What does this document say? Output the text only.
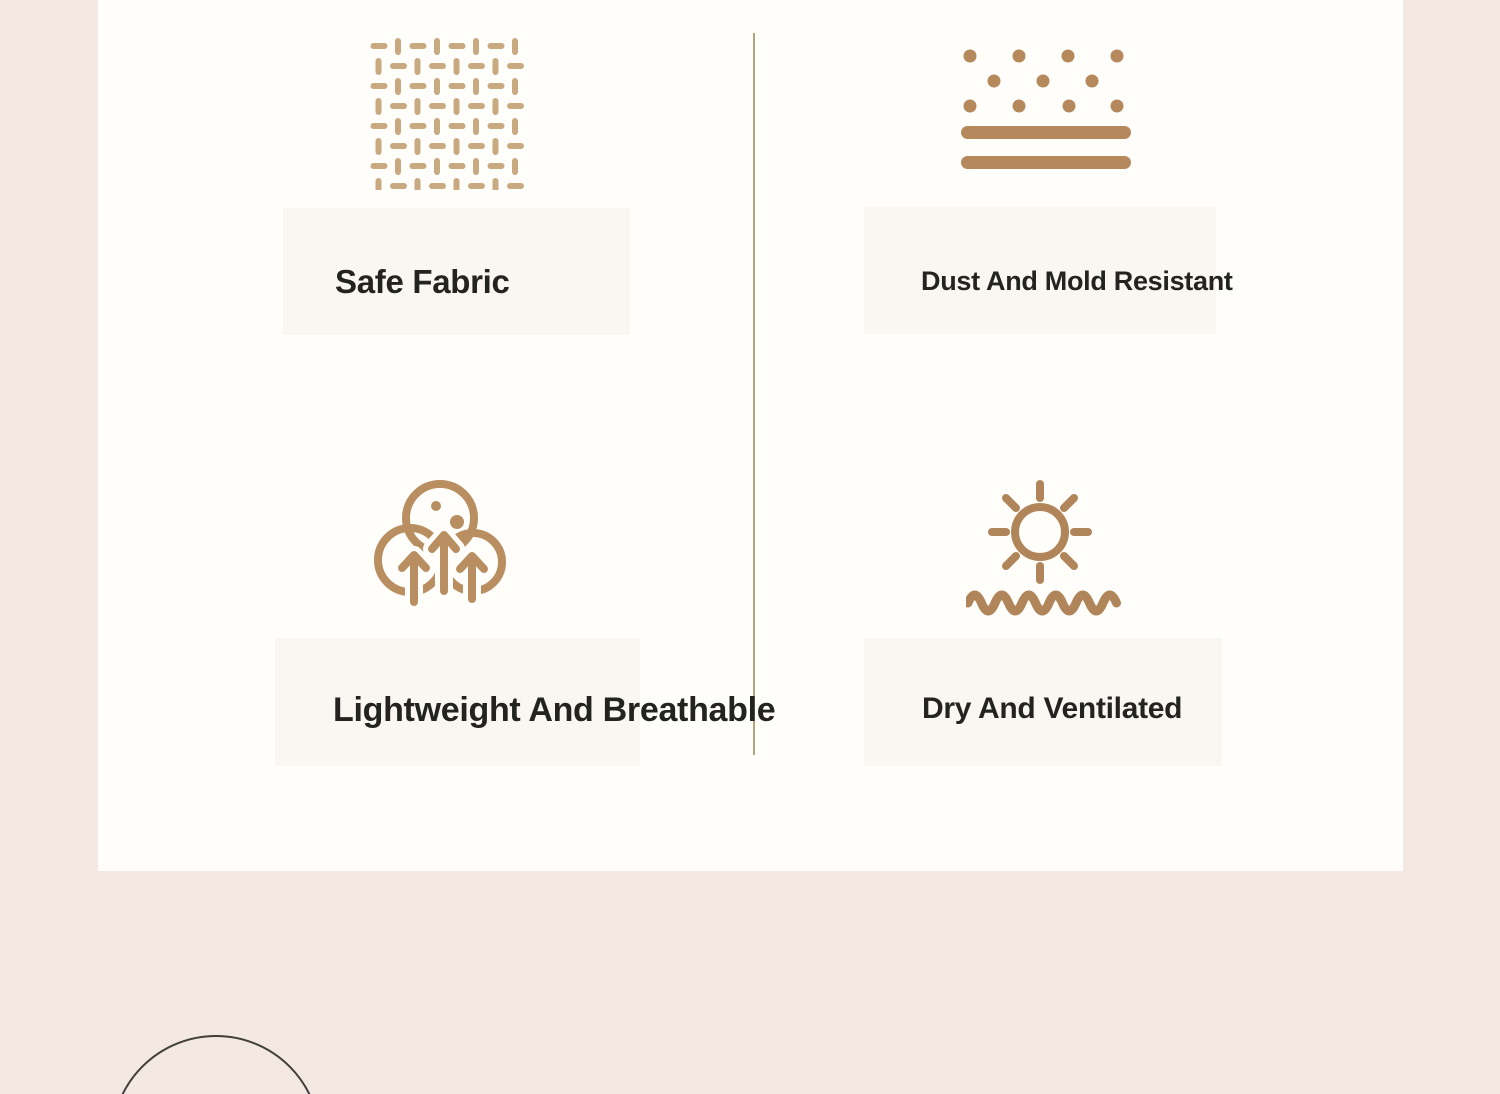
Safe Fabric	Dust And Mold Resistant
Lightweight And Breathable	Dry And Ventilated
